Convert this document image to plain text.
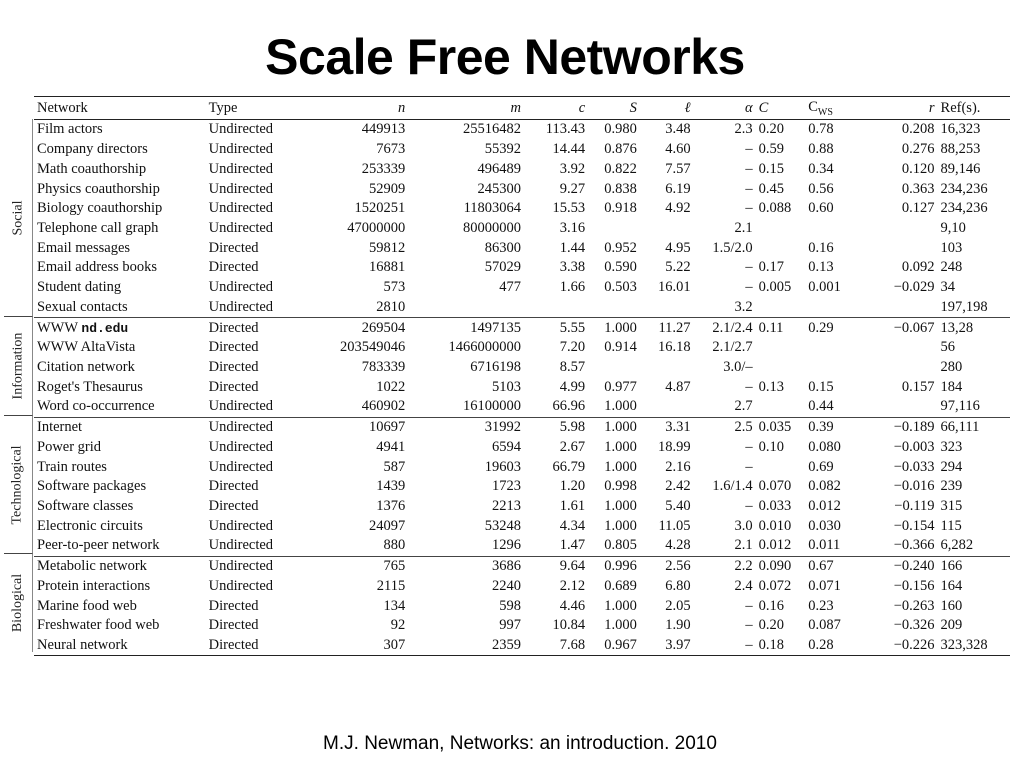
Scale Free Networks
Social
Information
Technological
Biological
Network	Type	n	m	c	S	ℓ	α	C	$C_{WS}$	r	Ref(s).
Film actors	Undirected	449913	25516482	113.43	0.980	3.48	2.3	0.20	0.78	0.208	16,323
Company directors	Undirected	7673	55392	14.44	0.876	4.60	–	0.59	0.88	0.276	88,253
Math coauthorship	Undirected	253339	496489	3.92	0.822	7.57	–	0.15	0.34	0.120	89,146
Physics coauthorship	Undirected	52909	245300	9.27	0.838	6.19	–	0.45	0.56	0.363	234,236
Biology coauthorship	Undirected	1520251	11803064	15.53	0.918	4.92	–	0.088	0.60	0.127	234,236
Telephone call graph	Undirected	47000000	80000000	3.16			2.1				9,10
Email messages	Directed	59812	86300	1.44	0.952	4.95	1.5/2.0		0.16		103
Email address books	Directed	16881	57029	3.38	0.590	5.22	–	0.17	0.13	0.092	248
Student dating	Undirected	573	477	1.66	0.503	16.01	–	0.005	0.001	−0.029	34
Sexual contacts	Undirected	2810					3.2				197,198
WWW nd.edu	Directed	269504	1497135	5.55	1.000	11.27	2.1/2.4	0.11	0.29	−0.067	13,28
WWW AltaVista	Directed	203549046	1466000000	7.20	0.914	16.18	2.1/2.7				56
Citation network	Directed	783339	6716198	8.57			3.0/–				280
Roget's Thesaurus	Directed	1022	5103	4.99	0.977	4.87	–	0.13	0.15	0.157	184
Word co-occurrence	Undirected	460902	16100000	66.96	1.000		2.7		0.44		97,116
Internet	Undirected	10697	31992	5.98	1.000	3.31	2.5	0.035	0.39	−0.189	66,111
Power grid	Undirected	4941	6594	2.67	1.000	18.99	–	0.10	0.080	−0.003	323
Train routes	Undirected	587	19603	66.79	1.000	2.16	–		0.69	−0.033	294
Software packages	Directed	1439	1723	1.20	0.998	2.42	1.6/1.4	0.070	0.082	−0.016	239
Software classes	Directed	1376	2213	1.61	1.000	5.40	–	0.033	0.012	−0.119	315
Electronic circuits	Undirected	24097	53248	4.34	1.000	11.05	3.0	0.010	0.030	−0.154	115
Peer-to-peer network	Undirected	880	1296	1.47	0.805	4.28	2.1	0.012	0.011	−0.366	6,282
Metabolic network	Undirected	765	3686	9.64	0.996	2.56	2.2	0.090	0.67	−0.240	166
Protein interactions	Undirected	2115	2240	2.12	0.689	6.80	2.4	0.072	0.071	−0.156	164
Marine food web	Directed	134	598	4.46	1.000	2.05	–	0.16	0.23	−0.263	160
Freshwater food web	Directed	92	997	10.84	1.000	1.90	–	0.20	0.087	−0.326	209
Neural network	Directed	307	2359	7.68	0.967	3.97	–	0.18	0.28	−0.226	323,328
M.J. Newman, Networks: an introduction. 2010
